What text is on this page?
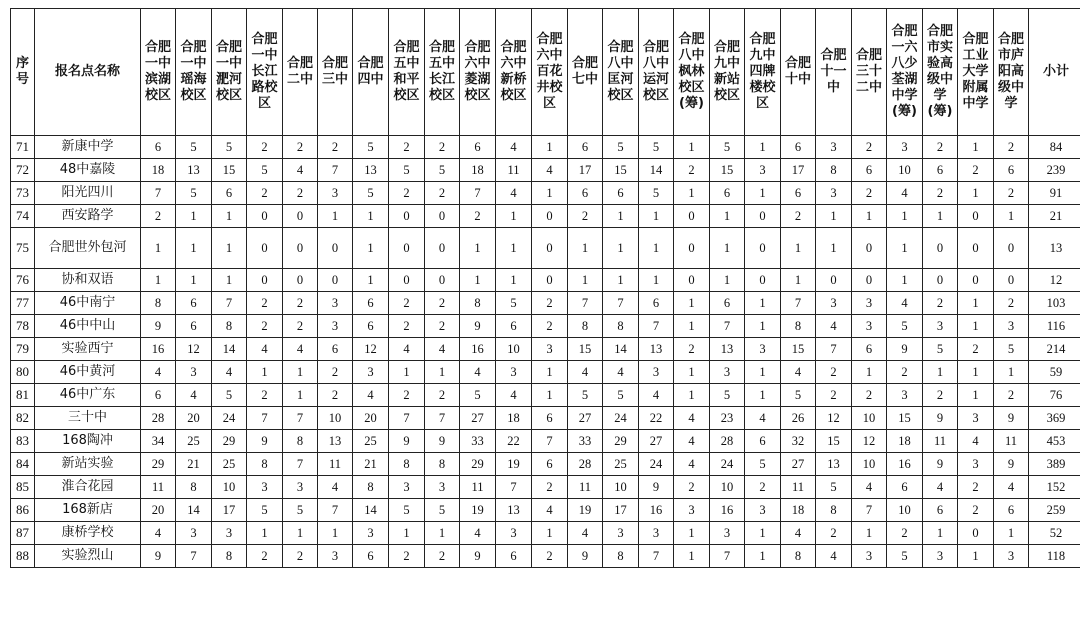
序号	报名点名称	合肥一中滨湖校区	合肥一中瑶海校区	合肥一中淝河校区	合肥一中长江路校区	合肥二中	合肥三中	合肥四中	合肥五中和平校区	合肥五中长江校区	合肥六中菱湖校区	合肥六中新桥校区	合肥六中百花井校区	合肥七中	合肥八中匡河校区	合肥八中运河校区	合肥八中枫林校区(筹)	合肥九中新站校区	合肥九中四牌楼校区	合肥十中	合肥十一中	合肥三十二中	合肥一六八少荃湖中学(筹)	合肥市实验高级中学(筹)	合肥工业大学附属中学	合肥市庐阳高级中学	小计

71	新康中学	6	5	5	2	2	2	5	2	2	6	4	1	6	5	5	1	5	1	6	3	2	3	2	1	2	84
72	48中嘉陵	18	13	15	5	4	7	13	5	5	18	11	4	17	15	14	2	15	3	17	8	6	10	6	2	6	239
73	阳光四川	7	5	6	2	2	3	5	2	2	7	4	1	6	6	5	1	6	1	6	3	2	4	2	1	2	91
74	西安路学	2	1	1	0	0	1	1	0	0	2	1	0	2	1	1	0	1	0	2	1	1	1	1	0	1	21
75	合肥世外包河	1	1	1	0	0	0	1	0	0	1	1	0	1	1	1	0	1	0	1	1	0	1	0	0	0	13
76	协和双语	1	1	1	0	0	0	1	0	0	1	1	0	1	1	1	0	1	0	1	0	0	1	0	0	0	12
77	46中南宁	8	6	7	2	2	3	6	2	2	8	5	2	7	7	6	1	6	1	7	3	3	4	2	1	2	103
78	46中中山	9	6	8	2	2	3	6	2	2	9	6	2	8	8	7	1	7	1	8	4	3	5	3	1	3	116
79	实验西宁	16	12	14	4	4	6	12	4	4	16	10	3	15	14	13	2	13	3	15	7	6	9	5	2	5	214
80	46中黄河	4	3	4	1	1	2	3	1	1	4	3	1	4	4	3	1	3	1	4	2	1	2	1	1	1	59
81	46中广东	6	4	5	2	1	2	4	2	2	5	4	1	5	5	4	1	5	1	5	2	2	3	2	1	2	76
82	三十中	28	20	24	7	7	10	20	7	7	27	18	6	27	24	22	4	23	4	26	12	10	15	9	3	9	369
83	168陶冲	34	25	29	9	8	13	25	9	9	33	22	7	33	29	27	4	28	6	32	15	12	18	11	4	11	453
84	新站实验	29	21	25	8	7	11	21	8	8	29	19	6	28	25	24	4	24	5	27	13	10	16	9	3	9	389
85	淮合花园	11	8	10	3	3	4	8	3	3	11	7	2	11	10	9	2	10	2	11	5	4	6	4	2	4	152
86	168新店	20	14	17	5	5	7	14	5	5	19	13	4	19	17	16	3	16	3	18	8	7	10	6	2	6	259
87	康桥学校	4	3	3	1	1	1	3	1	1	4	3	1	4	3	3	1	3	1	4	2	1	2	1	0	1	52
88	实验烈山	9	7	8	2	2	3	6	2	2	9	6	2	9	8	7	1	7	1	8	4	3	5	3	1	3	118
